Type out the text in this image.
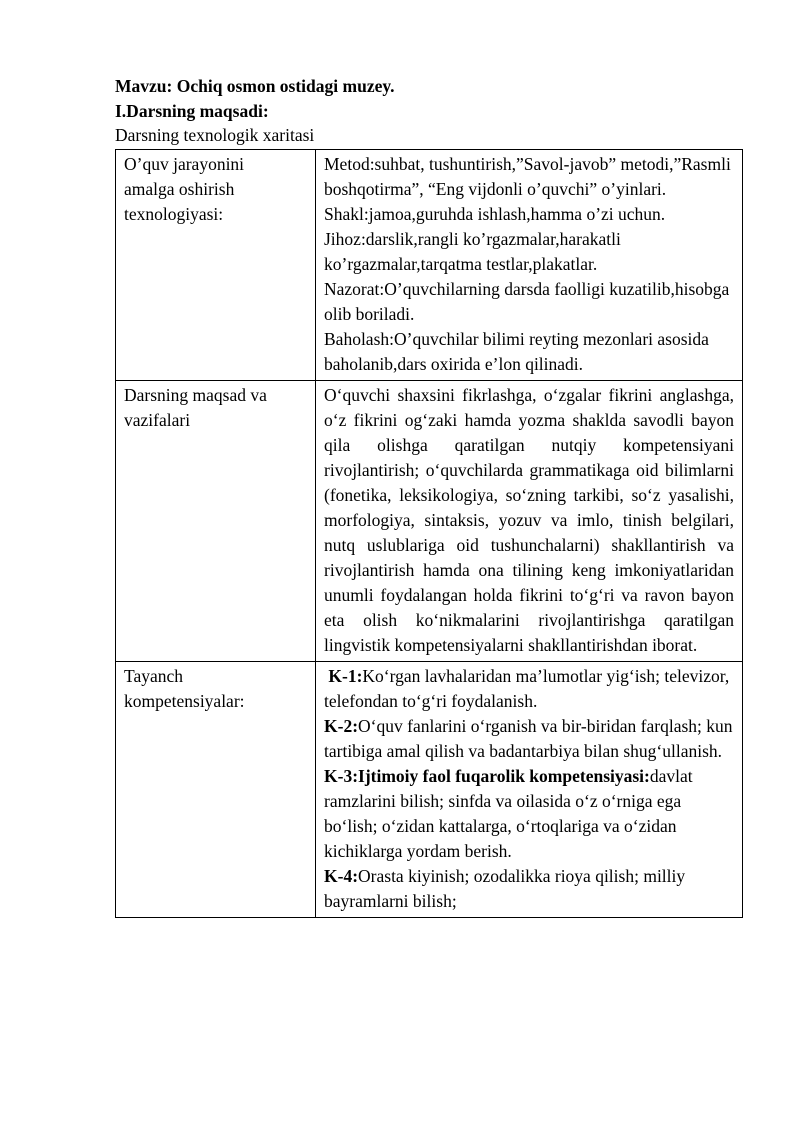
Mavzu: Ochiq osmon ostidagi muzey.

I.Darsning maqsadi:

Darsning texnologik xaritasi

O’quv jarayonini amalga oshirish texnologiyasi:	Metod:suhbat, tushuntirish,”Savol-javob” metodi,”Rasmli boshqotirma”, “Eng vijdonli o’quvchi” o’yinlari.

Shakl:jamoa,guruhda ishlash,hamma o’zi uchun.

Jihoz:darslik,rangli ko’rgazmalar,harakatli ko’rgazmalar,tarqatma testlar,plakatlar.

Nazorat:O’quvchilarning darsda faolligi kuzatilib,hisobga olib boriladi.

Baholash:O’quvchilar bilimi reyting mezonlari asosida baholanib,dars oxirida e’lon qilinadi.

Darsning maqsad va vazifalari	O‘quvchi shaxsini fikrlashga, o‘zgalar fikrini anglashga, o‘z fikrini og‘zaki hamda yozma shaklda savodli bayon qila olishga qaratilgan nutqiy kompetensiyani rivojlantirish; o‘quvchilarda grammatikaga oid bilimlarni (fonetika, leksikologiya, so‘zning tarkibi, so‘z yasalishi, morfologiya, sintaksis, yozuv va imlo, tinish belgilari, nutq uslublariga oid tushunchalarni) shakllantirish va rivojlantirish hamda ona tilining keng imkoniyatlaridan unumli foydalangan holda fikrini to‘g‘ri va ravon bayon eta olish ko‘nikmalarini rivojlantirishga qaratilgan lingvistik kompetensiyalarni shakllantirishdan iborat.

Tayanch kompetensiyalar:	K-1:Ko‘rgan lavhalaridan ma’lumotlar yig‘ish; televizor, telefondan to‘g‘ri foydalanish.

K-2:O‘quv fanlarini o‘rganish va bir-biridan farqlash; kun tartibiga amal qilish va badantarbiya bilan shug‘ullanish.

K-3:Ijtimoiy faol fuqarolik kompetensiyasi:davlat ramzlarini bilish; sinfda va oilasida o‘z o‘rniga ega bo‘lish; o‘zidan kattalarga, o‘rtoqlariga va o‘zidan kichiklarga yordam berish.

K-4:Orasta kiyinish; ozodalikka rioya qilish; milliy bayramlarni bilish;
